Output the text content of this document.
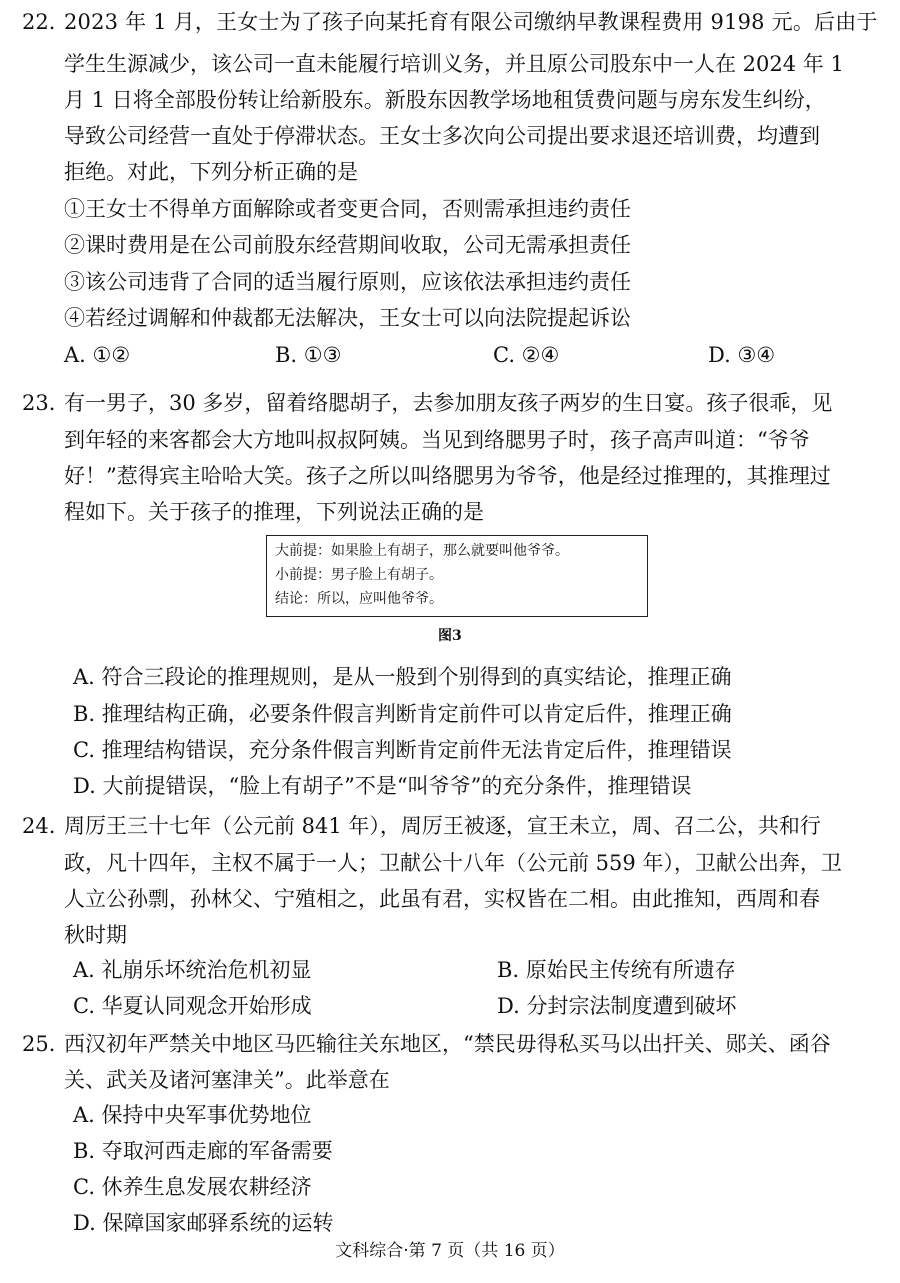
22. 2023 年 1 月，王女士为了孩子向某托育有限公司缴纳早教课程费用 9198 元。后由于
学生生源减少，该公司一直未能履行培训义务，并且原公司股东中一人在 2024 年 1
月 1 日将全部股份转让给新股东。新股东因教学场地租赁费问题与房东发生纠纷，
导致公司经营一直处于停滞状态。王女士多次向公司提出要求退还培训费，均遭到
拒绝。对此，下列分析正确的是
①王女士不得单方面解除或者变更合同，否则需承担违约责任
②课时费用是在公司前股东经营期间收取，公司无需承担责任
③该公司违背了合同的适当履行原则，应该依法承担违约责任
④若经过调解和仲裁都无法解决，王女士可以向法院提起诉讼
A. ①②	B. ①③	C. ②④	D. ③④
23. 有一男子，30 多岁，留着络腮胡子，去参加朋友孩子两岁的生日宴。孩子很乖，见
到年轻的来客都会大方地叫叔叔阿姨。当见到络腮男子时，孩子高声叫道：“爷爷
好！”惹得宾主哈哈大笑。孩子之所以叫络腮男为爷爷，他是经过推理的，其推理过
程如下。关于孩子的推理，下列说法正确的是
大前提：如果脸上有胡子，那么就要叫他爷爷。
小前提：男子脸上有胡子。
结论：所以，应叫他爷爷。
图3
A. 符合三段论的推理规则，是从一般到个别得到的真实结论，推理正确
B. 推理结构正确，必要条件假言判断肯定前件可以肯定后件，推理正确
C. 推理结构错误，充分条件假言判断肯定前件无法肯定后件，推理错误
D. 大前提错误，“脸上有胡子”不是“叫爷爷”的充分条件，推理错误
24. 周厉王三十七年（公元前 841 年），周厉王被逐，宣王未立，周、召二公，共和行
政，凡十四年，主权不属于一人；卫献公十八年（公元前 559 年），卫献公出奔，卫
人立公孙剽，孙林父、宁殖相之，此虽有君，实权皆在二相。由此推知，西周和春
秋时期
A. 礼崩乐坏统治危机初显	B. 原始民主传统有所遗存
C. 华夏认同观念开始形成	D. 分封宗法制度遭到破坏
25. 西汉初年严禁关中地区马匹输往关东地区，“禁民毋得私买马以出扞关、郧关、函谷
关、武关及诸河塞津关”。此举意在
A. 保持中央军事优势地位
B. 夺取河西走廊的军备需要
C. 休养生息发展农耕经济
D. 保障国家邮驿系统的运转
文科综合·第 7 页（共 16 页）
